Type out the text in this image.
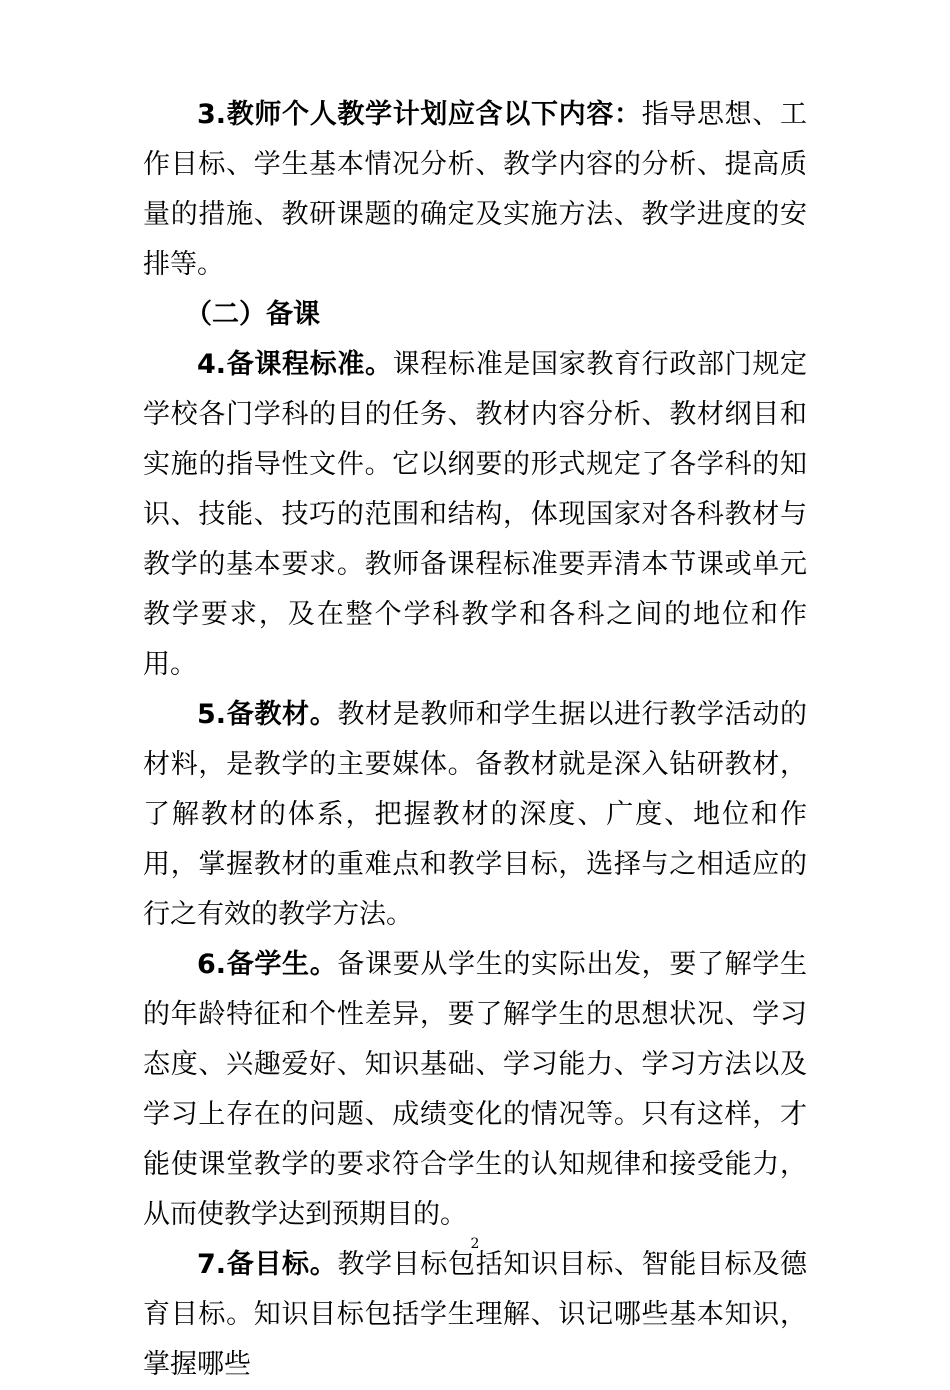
3.教师个人教学计划应含以下内容：指导思想、工作目标、学生基本情况分析、教学内容的分析、提高质量的措施、教研课题的确定及实施方法、教学进度的安排等。

（二）备课

4.备课程标准。课程标准是国家教育行政部门规定学校各门学科的目的任务、教材内容分析、教材纲目和实施的指导性文件。它以纲要的形式规定了各学科的知识、技能、技巧的范围和结构，体现国家对各科教材与教学的基本要求。教师备课程标准要弄清本节课或单元教学要求，及在整个学科教学和各科之间的地位和作用。

5.备教材。教材是教师和学生据以进行教学活动的材料，是教学的主要媒体。备教材就是深入钻研教材，了解教材的体系，把握教材的深度、广度、地位和作用，掌握教材的重难点和教学目标，选择与之相适应的行之有效的教学方法。

6.备学生。备课要从学生的实际出发，要了解学生的年龄特征和个性差异，要了解学生的思想状况、学习态度、兴趣爱好、知识基础、学习能力、学习方法以及学习上存在的问题、成绩变化的情况等。只有这样，才能使课堂教学的要求符合学生的认知规律和接受能力，从而使教学达到预期目的。

7.备目标。教学目标包括知识目标、智能目标及德育目标。知识目标包括学生理解、识记哪些基本知识，掌握哪些

2
